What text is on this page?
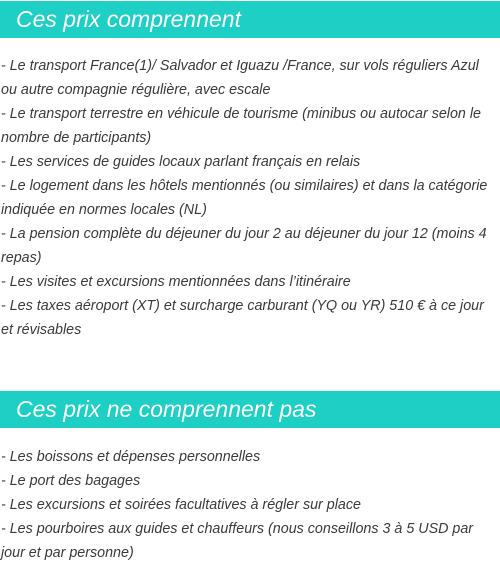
Ces prix comprennent
- Le transport France(1)/ Salvador et Iguazu /France, sur vols réguliers Azul ou autre compagnie régulière, avec escale
- Le transport terrestre en véhicule de tourisme (minibus ou autocar selon le nombre de participants)
- Les services de guides locaux parlant français en relais
- Le logement dans les hôtels mentionnés (ou similaires) et dans la catégorie indiquée en normes locales (NL)
- La pension complète du déjeuner du jour 2 au déjeuner du jour 12 (moins 4 repas)
- Les visites et excursions mentionnées dans l’itinéraire
- Les taxes aéroport (XT) et surcharge carburant (YQ ou YR) 510 € à ce jour et révisables
Ces prix ne comprennent pas
- Les boissons et dépenses personnelles
- Le port des bagages
- Les excursions et soirées facultatives à régler sur place
- Les pourboires aux guides et chauffeurs (nous conseillons 3 à 5 USD par jour et par personne)
